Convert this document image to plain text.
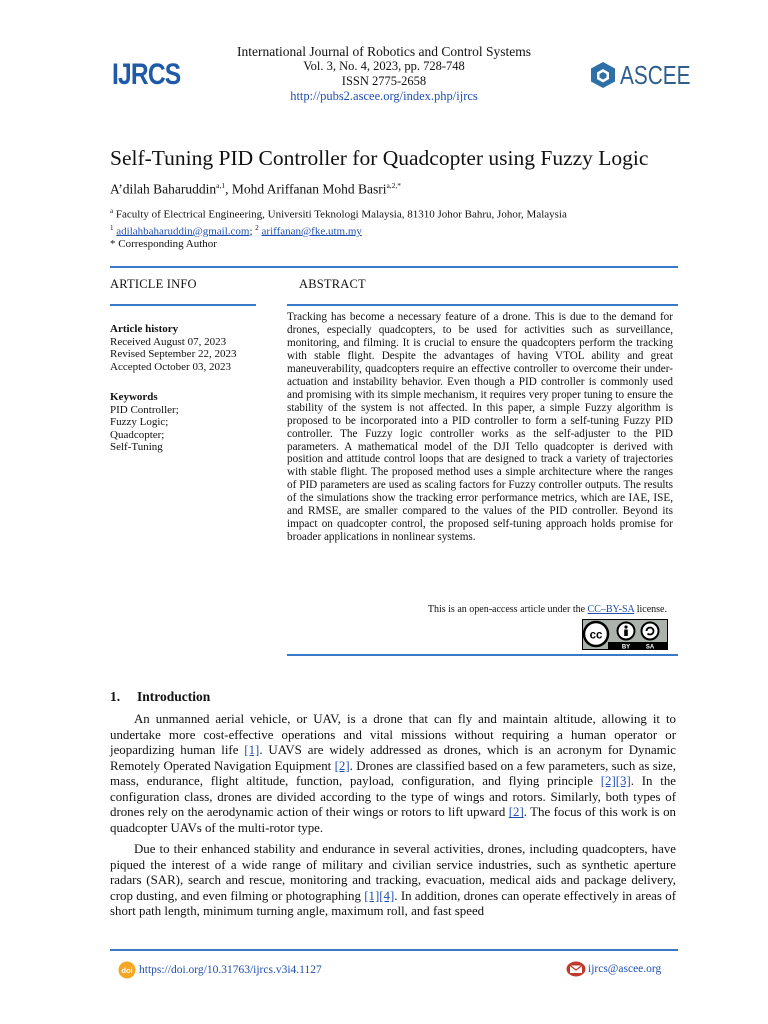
IJRCS
International Journal of Robotics and Control Systems
Vol. 3, No. 4, 2023, pp. 728-748
ISSN 2775-2658
http://pubs2.ascee.org/index.php/ijrcs
ASCEE
Self-Tuning PID Controller for Quadcopter using Fuzzy Logic
A’dilah Baharuddin$^{a,1}$, Mohd Ariffanan Mohd Basri$^{a,2,*}$
$^a$ Faculty of Electrical Engineering, Universiti Teknologi Malaysia, 81310 Johor Bahru, Johor, Malaysia
$^1$ adilahbaharuddin@gmail.com; $^2$ ariffanan@fke.utm.my
* Corresponding Author
ARTICLE INFO	ABSTRACT
Article history
Received August 07, 2023
Revised September 22, 2023
Accepted October 03, 2023
Keywords
PID Controller;
Fuzzy Logic;
Quadcopter;
Self-Tuning
Tracking has become a necessary feature of a drone. This is due to the demand for drones, especially quadcopters, to be used for activities such as surveillance, monitoring, and filming. It is crucial to ensure the quadcopters perform the tracking with stable flight. Despite the advantages of having VTOL ability and great maneuverability, quadcopters require an effective controller to overcome their under-actuation and instability behavior. Even though a PID controller is commonly used and promising with its simple mechanism, it requires very proper tuning to ensure the stability of the system is not affected. In this paper, a simple Fuzzy algorithm is proposed to be incorporated into a PID controller to form a self-tuning Fuzzy PID controller. The Fuzzy logic controller works as the self-adjuster to the PID parameters. A mathematical model of the DJI Tello quadcopter is derived with position and attitude control loops that are designed to track a variety of trajectories with stable flight. The proposed method uses a simple architecture where the ranges of PID parameters are used as scaling factors for Fuzzy controller outputs. The results of the simulations show the tracking error performance metrics, which are IAE, ISE, and RMSE, are smaller compared to the values of the PID controller. Beyond its impact on quadcopter control, the proposed self-tuning approach holds promise for broader applications in nonlinear systems.
This is an open-access article under the CC–BY-SA license.
cc
BY	SA
1. Introduction

An unmanned aerial vehicle, or UAV, is a drone that can fly and maintain altitude, allowing it to undertake more cost-effective operations and vital missions without requiring a human operator or jeopardizing human life [1]. UAVS are widely addressed as drones, which is an acronym for Dynamic Remotely Operated Navigation Equipment [2]. Drones are classified based on a few parameters, such as size, mass, endurance, flight altitude, function, payload, configuration, and flying principle [2][3]. In the configuration class, drones are divided according to the type of wings and rotors. Similarly, both types of drones rely on the aerodynamic action of their wings or rotors to lift upward [2]. The focus of this work is on quadcopter UAVs of the multi-rotor type.

Due to their enhanced stability and endurance in several activities, drones, including quadcopters, have piqued the interest of a wide range of military and civilian service industries, such as synthetic aperture radars (SAR), search and rescue, monitoring and tracking, evacuation, medical aids and package delivery, crop dusting, and even filming or photographing [1][4]. In addition, drones can operate effectively in areas of short path length, minimum turning angle, maximum roll, and fast speed

doi https://doi.org/10.31763/ijrcs.v3i4.1127	ijrcs@ascee.org
